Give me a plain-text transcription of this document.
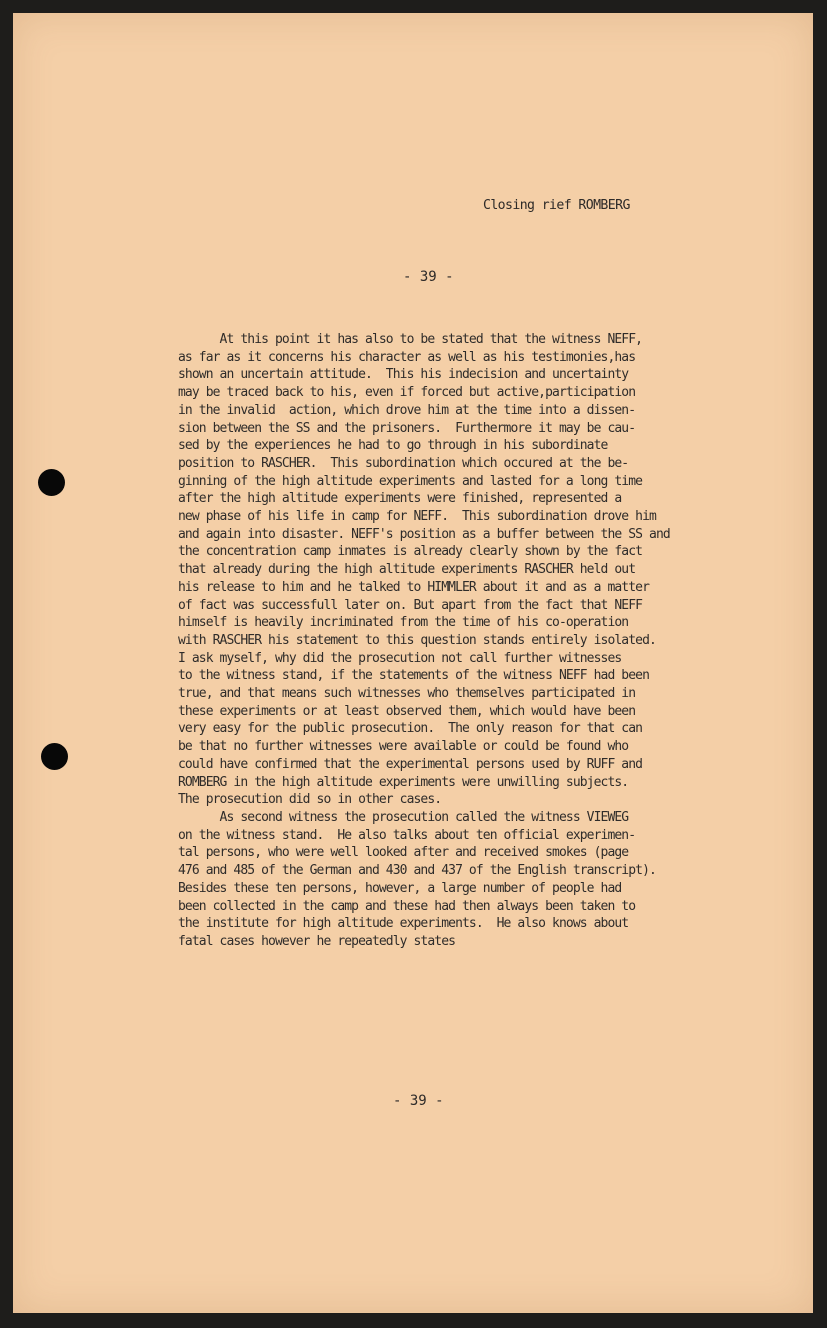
Closing rief ROMBERG
- 39 -
At this point it has also to be stated that the witness NEFF,
as far as it concerns his character as well as his testimonies,has
shown an uncertain attitude.  This his indecision and uncertainty
may be traced back to his, even if forced but active,participation
in the invalid  action, which drove him at the time into a dissen-
sion between the SS and the prisoners.  Furthermore it may be cau-
sed by the experiences he had to go through in his subordinate
position to RASCHER.  This subordination which occured at the be-
ginning of the high altitude experiments and lasted for a long time
after the high altitude experiments were finished, represented a
new phase of his life in camp for NEFF.  This subordination drove him
and again into disaster. NEFF's position as a buffer between the SS and
the concentration camp inmates is already clearly shown by the fact
that already during the high altitude experiments RASCHER held out
his release to him and he talked to HIMMLER about it and as a matter
of fact was successfull later on. But apart from the fact that NEFF
himself is heavily incriminated from the time of his co-operation
with RASCHER his statement to this question stands entirely isolated.
I ask myself, why did the prosecution not call further witnesses
to the witness stand, if the statements of the witness NEFF had been
true, and that means such witnesses who themselves participated in
these experiments or at least observed them, which would have been
very easy for the public prosecution.  The only reason for that can
be that no further witnesses were available or could be found who
could have confirmed that the experimental persons used by RUFF and
ROMBERG in the high altitude experiments were unwilling subjects.
The prosecution did so in other cases.
As second witness the prosecution called the witness VIEWEG
on the witness stand.  He also talks about ten official experimen-
tal persons, who were well looked after and received smokes (page
476 and 485 of the German and 430 and 437 of the English transcript).
Besides these ten persons, however, a large number of people had
been collected in the camp and these had then always been taken to
the institute for high altitude experiments.  He also knows about
fatal cases however he repeatedly states
- 39 -
